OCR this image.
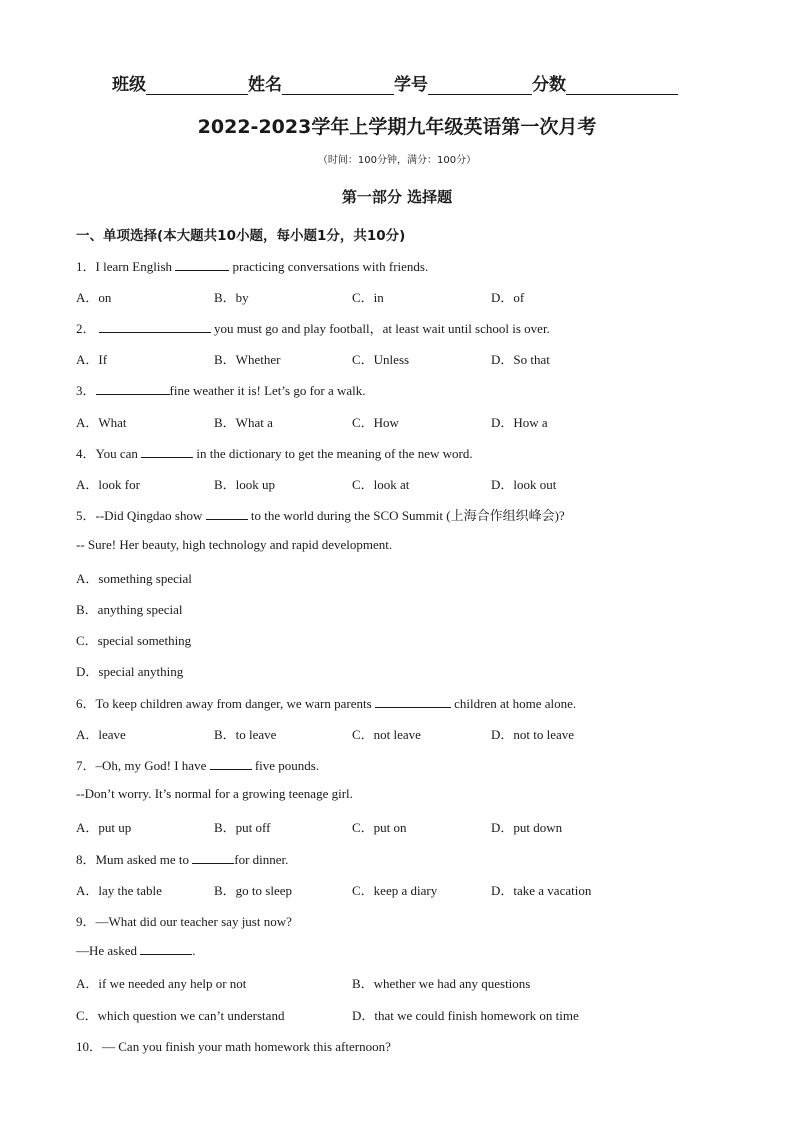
班级	姓名	学号	分数
2022-2023学年上学期九年级英语第一次月考
（时间：100分钟，满分：100分）
第一部分 选择题
一、单项选择(本大题共10小题，每小题1分，共10分)
1．I learn English	practicing conversations with friends.
A．on	B．by	C．in	D．of
2．	you must go and play football，at least wait until school is over.
A．If	B．Whether	C．Unless	D．So that
3．	fine weather it is! Let’s go for a walk.
A．What	B．What a	C．How	D．How a
4．You can	in the dictionary to get the meaning of the new word.
A．look for	B．look up	C．look at	D．look out
5．--Did Qingdao show	to the world during the SCO Summit (上海合作组织峰会)?
-- Sure! Her beauty, high technology and rapid development.
A．something special
B．anything special
C．special something
D．special anything
6．To keep children away from danger, we warn parents	children at home alone.
A．leave	B．to leave	C．not leave	D．not to leave
7．–Oh, my God! I have	five pounds.
--Don’t worry. It’s normal for a growing teenage girl.
A．put up	B．put off	C．put on	D．put down
8．Mum asked me to	for dinner.
A．lay the table	B．go to sleep	C．keep a diary	D．take a vacation
9．—What did our teacher say just now?
—He asked	.
A．if we needed any help or not	B．whether we had any questions
C．which question we can’t understand	D．that we could finish homework on time
10．— Can you finish your math homework this afternoon?
